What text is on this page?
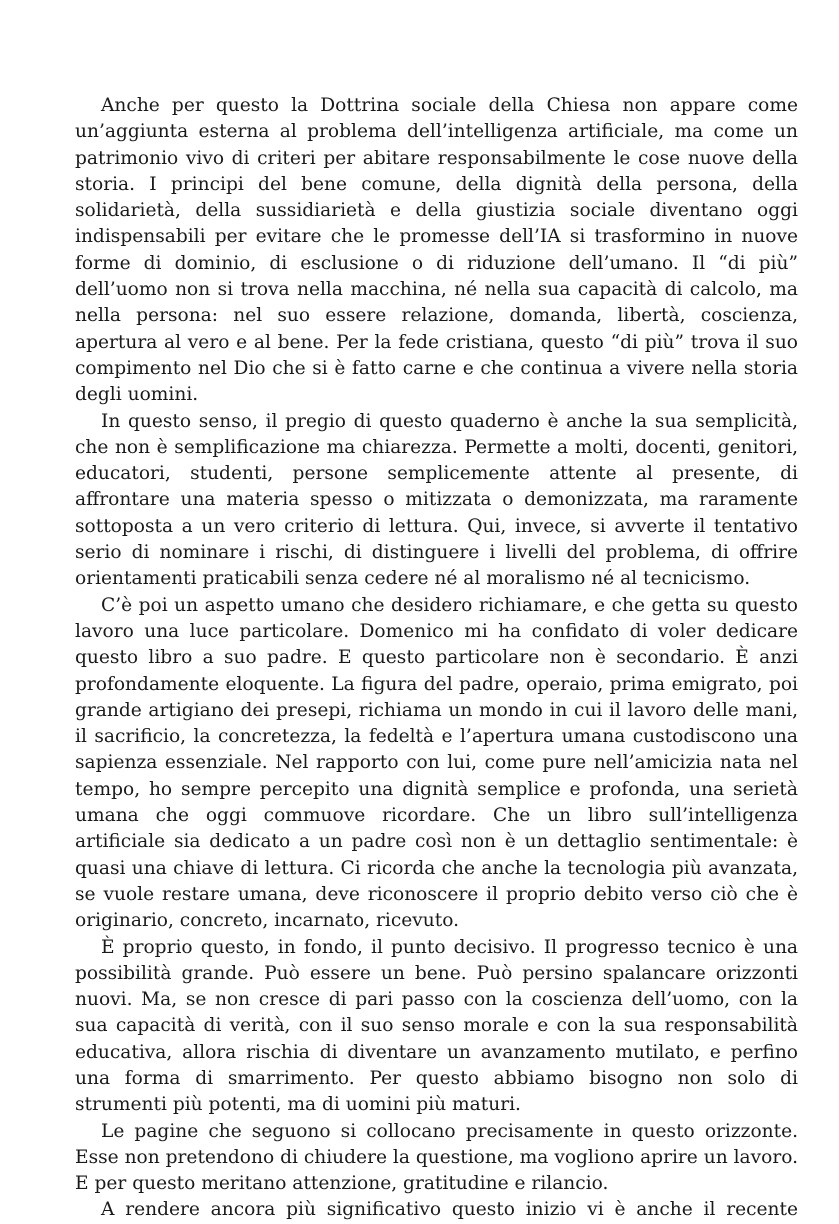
Anche per questo la Dottrina sociale della Chiesa non appare come un’aggiunta esterna al problema dell’intelligenza artificiale, ma come un patrimonio vivo di criteri per abitare responsabilmente le cose nuove della storia. I principi del bene comune, della dignità della persona, della solidarietà, della sussidiarietà e della giustizia sociale diventano oggi indispensabili per evitare che le promesse dell’IA si trasformino in nuove forme di dominio, di esclusione o di riduzione dell’umano. Il “di più” dell’uomo non si trova nella macchina, né nella sua capacità di calcolo, ma nella persona: nel suo essere relazione, domanda, libertà, coscienza, apertura al vero e al bene. Per la fede cristiana, questo “di più” trova il suo compimento nel Dio che si è fatto carne e che continua a vivere nella storia degli uomini.

In questo senso, il pregio di questo quaderno è anche la sua semplicità, che non è semplificazione ma chiarezza. Permette a molti, docenti, genitori, educatori, studenti, persone semplicemente attente al presente, di affrontare una materia spesso o mitizzata o demonizzata, ma raramente sottoposta a un vero criterio di lettura. Qui, invece, si avverte il tentativo serio di nominare i rischi, di distinguere i livelli del problema, di offrire orientamenti praticabili senza cedere né al moralismo né al tecnicismo.

C’è poi un aspetto umano che desidero richiamare, e che getta su questo lavoro una luce particolare. Domenico mi ha confidato di voler dedicare questo libro a suo padre. E questo particolare non è secondario. È anzi profondamente eloquente. La figura del padre, operaio, prima emigrato, poi grande artigiano dei presepi, richiama un mondo in cui il lavoro delle mani, il sacrificio, la concretezza, la fedeltà e l’apertura umana custodiscono una sapienza essenziale. Nel rapporto con lui, come pure nell’amicizia nata nel tempo, ho sempre percepito una dignità semplice e profonda, una serietà umana che oggi commuove ricordare. Che un libro sull’intelligenza artificiale sia dedicato a un padre così non è un dettaglio sentimentale: è quasi una chiave di lettura. Ci ricorda che anche la tecnologia più avanzata, se vuole restare umana, deve riconoscere il proprio debito verso ciò che è originario, concreto, incarnato, ricevuto.

È proprio questo, in fondo, il punto decisivo. Il progresso tecnico è una possibilità grande. Può essere un bene. Può persino spalancare orizzonti nuovi. Ma, se non cresce di pari passo con la coscienza dell’uomo, con la sua capacità di verità, con il suo senso morale e con la sua responsabilità educativa, allora rischia di diventare un avanzamento mutilato, e perfino una forma di smarrimento. Per questo abbiamo bisogno non solo di strumenti più potenti, ma di uomini più maturi.

Le pagine che seguono si collocano precisamente in questo orizzonte. Esse non pretendono di chiudere la questione, ma vogliono aprire un lavoro. E per questo meritano attenzione, gratitudine e rilancio.

A rendere ancora più significativo questo inizio vi è anche il recente
